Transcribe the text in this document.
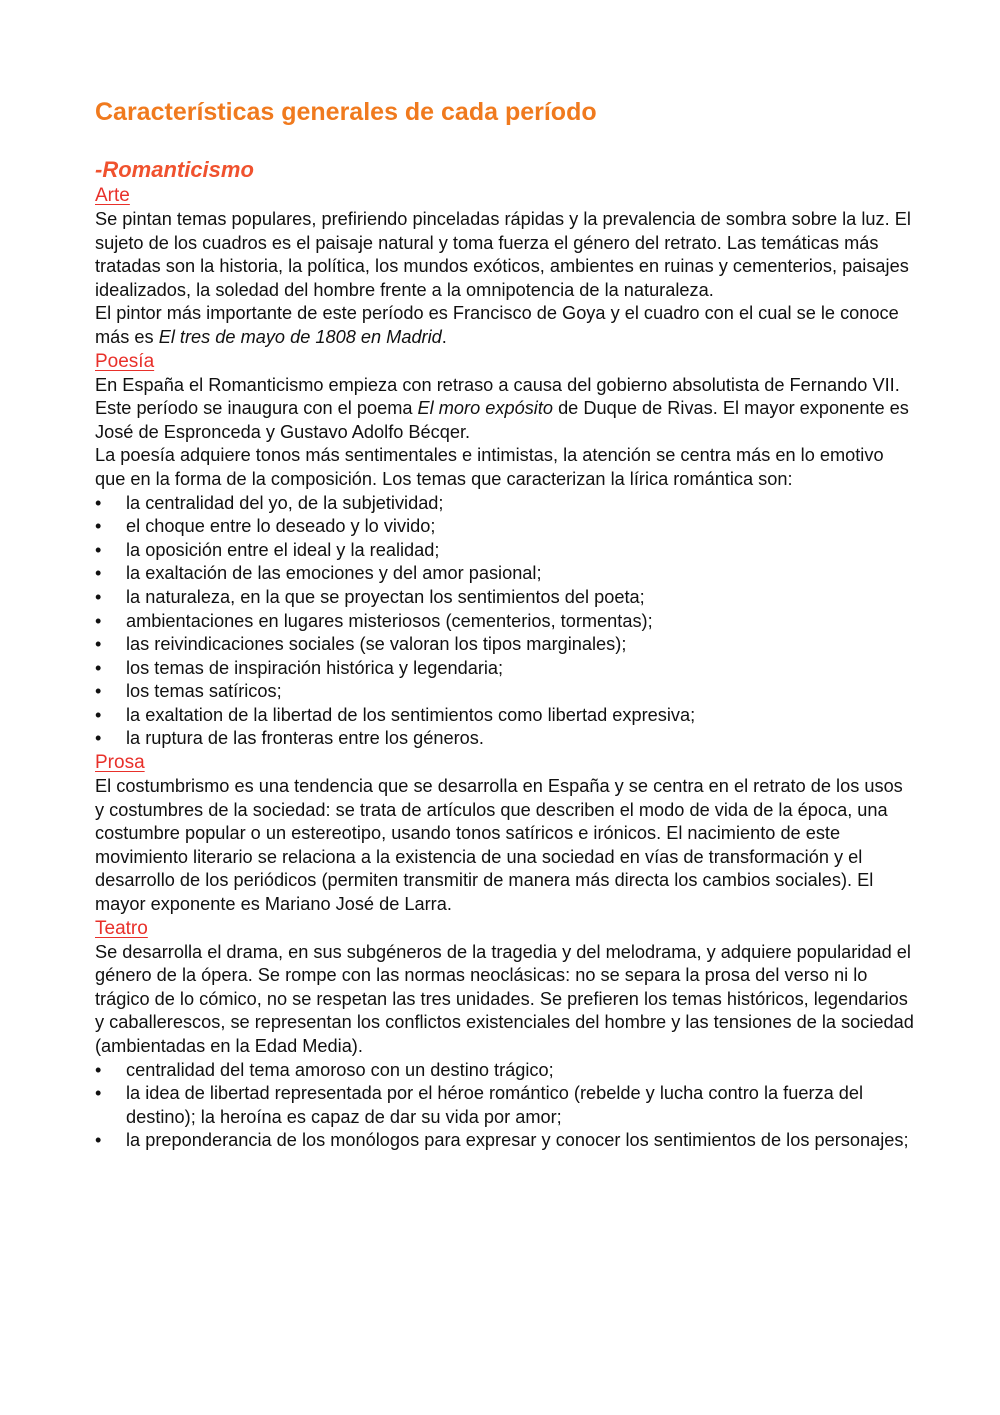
Características generales de cada período
-Romanticismo
Arte

Se pintan temas populares, prefiriendo pinceladas rápidas y la prevalencia de sombra sobre la luz. El sujeto de los cuadros es el paisaje natural y toma fuerza el género del retrato. Las temáticas más tratadas son la historia, la política, los mundos exóticos, ambientes en ruinas y cementerios, paisajes idealizados, la soledad del hombre frente a la omnipotencia de la naturaleza.

El pintor más importante de este período es Francisco de Goya y el cuadro con el cual se le conoce más es El tres de mayo de 1808 en Madrid.

Poesía

En España el Romanticismo empieza con retraso a causa del gobierno absolutista de Fernando VII. Este período se inaugura con el poema El moro expósito de Duque de Rivas. El mayor exponente es José de Espronceda y Gustavo Adolfo Bécqer.

La poesía adquiere tonos más sentimentales e intimistas, la atención se centra más en lo emotivo que en la forma de la composición. Los temas que caracterizan la lírica romántica son:

• la centralidad del yo, de la subjetividad;
• el choque entre lo deseado y lo vivido;
• la oposición entre el ideal y la realidad;
• la exaltación de las emociones y del amor pasional;
• la naturaleza, en la que se proyectan los sentimientos del poeta;
• ambientaciones en lugares misteriosos (cementerios, tormentas);
• las reivindicaciones sociales (se valoran los tipos marginales);
• los temas de inspiración histórica y legendaria;
• los temas satíricos;
• la exaltation de la libertad de los sentimientos como libertad expresiva;
• la ruptura de las fronteras entre los géneros.
Prosa

El costumbrismo es una tendencia que se desarrolla en España y se centra en el retrato de los usos y costumbres de la sociedad: se trata de artículos que describen el modo de vida de la época, una costumbre popular o un estereotipo, usando tonos satíricos e irónicos. El nacimiento de este movimiento literario se relaciona a la existencia de una sociedad en vías de transformación y el desarrollo de los periódicos (permiten transmitir de manera más directa los cambios sociales). El mayor exponente es Mariano José de Larra.

Teatro

Se desarrolla el drama, en sus subgéneros de la tragedia y del melodrama, y adquiere popularidad el género de la ópera. Se rompe con las normas neoclásicas: no se separa la prosa del verso ni lo trágico de lo cómico, no se respetan las tres unidades. Se prefieren los temas históricos, legendarios y caballerescos, se representan los conflictos existenciales del hombre y las tensiones de la sociedad (ambientadas en la Edad Media).

• centralidad del tema amoroso con un destino trágico;
• la idea de libertad representada por el héroe romántico (rebelde y lucha contro la fuerza del destino); la heroína es capaz de dar su vida por amor;
• la preponderancia de los monólogos para expresar y conocer los sentimientos de los personajes;
